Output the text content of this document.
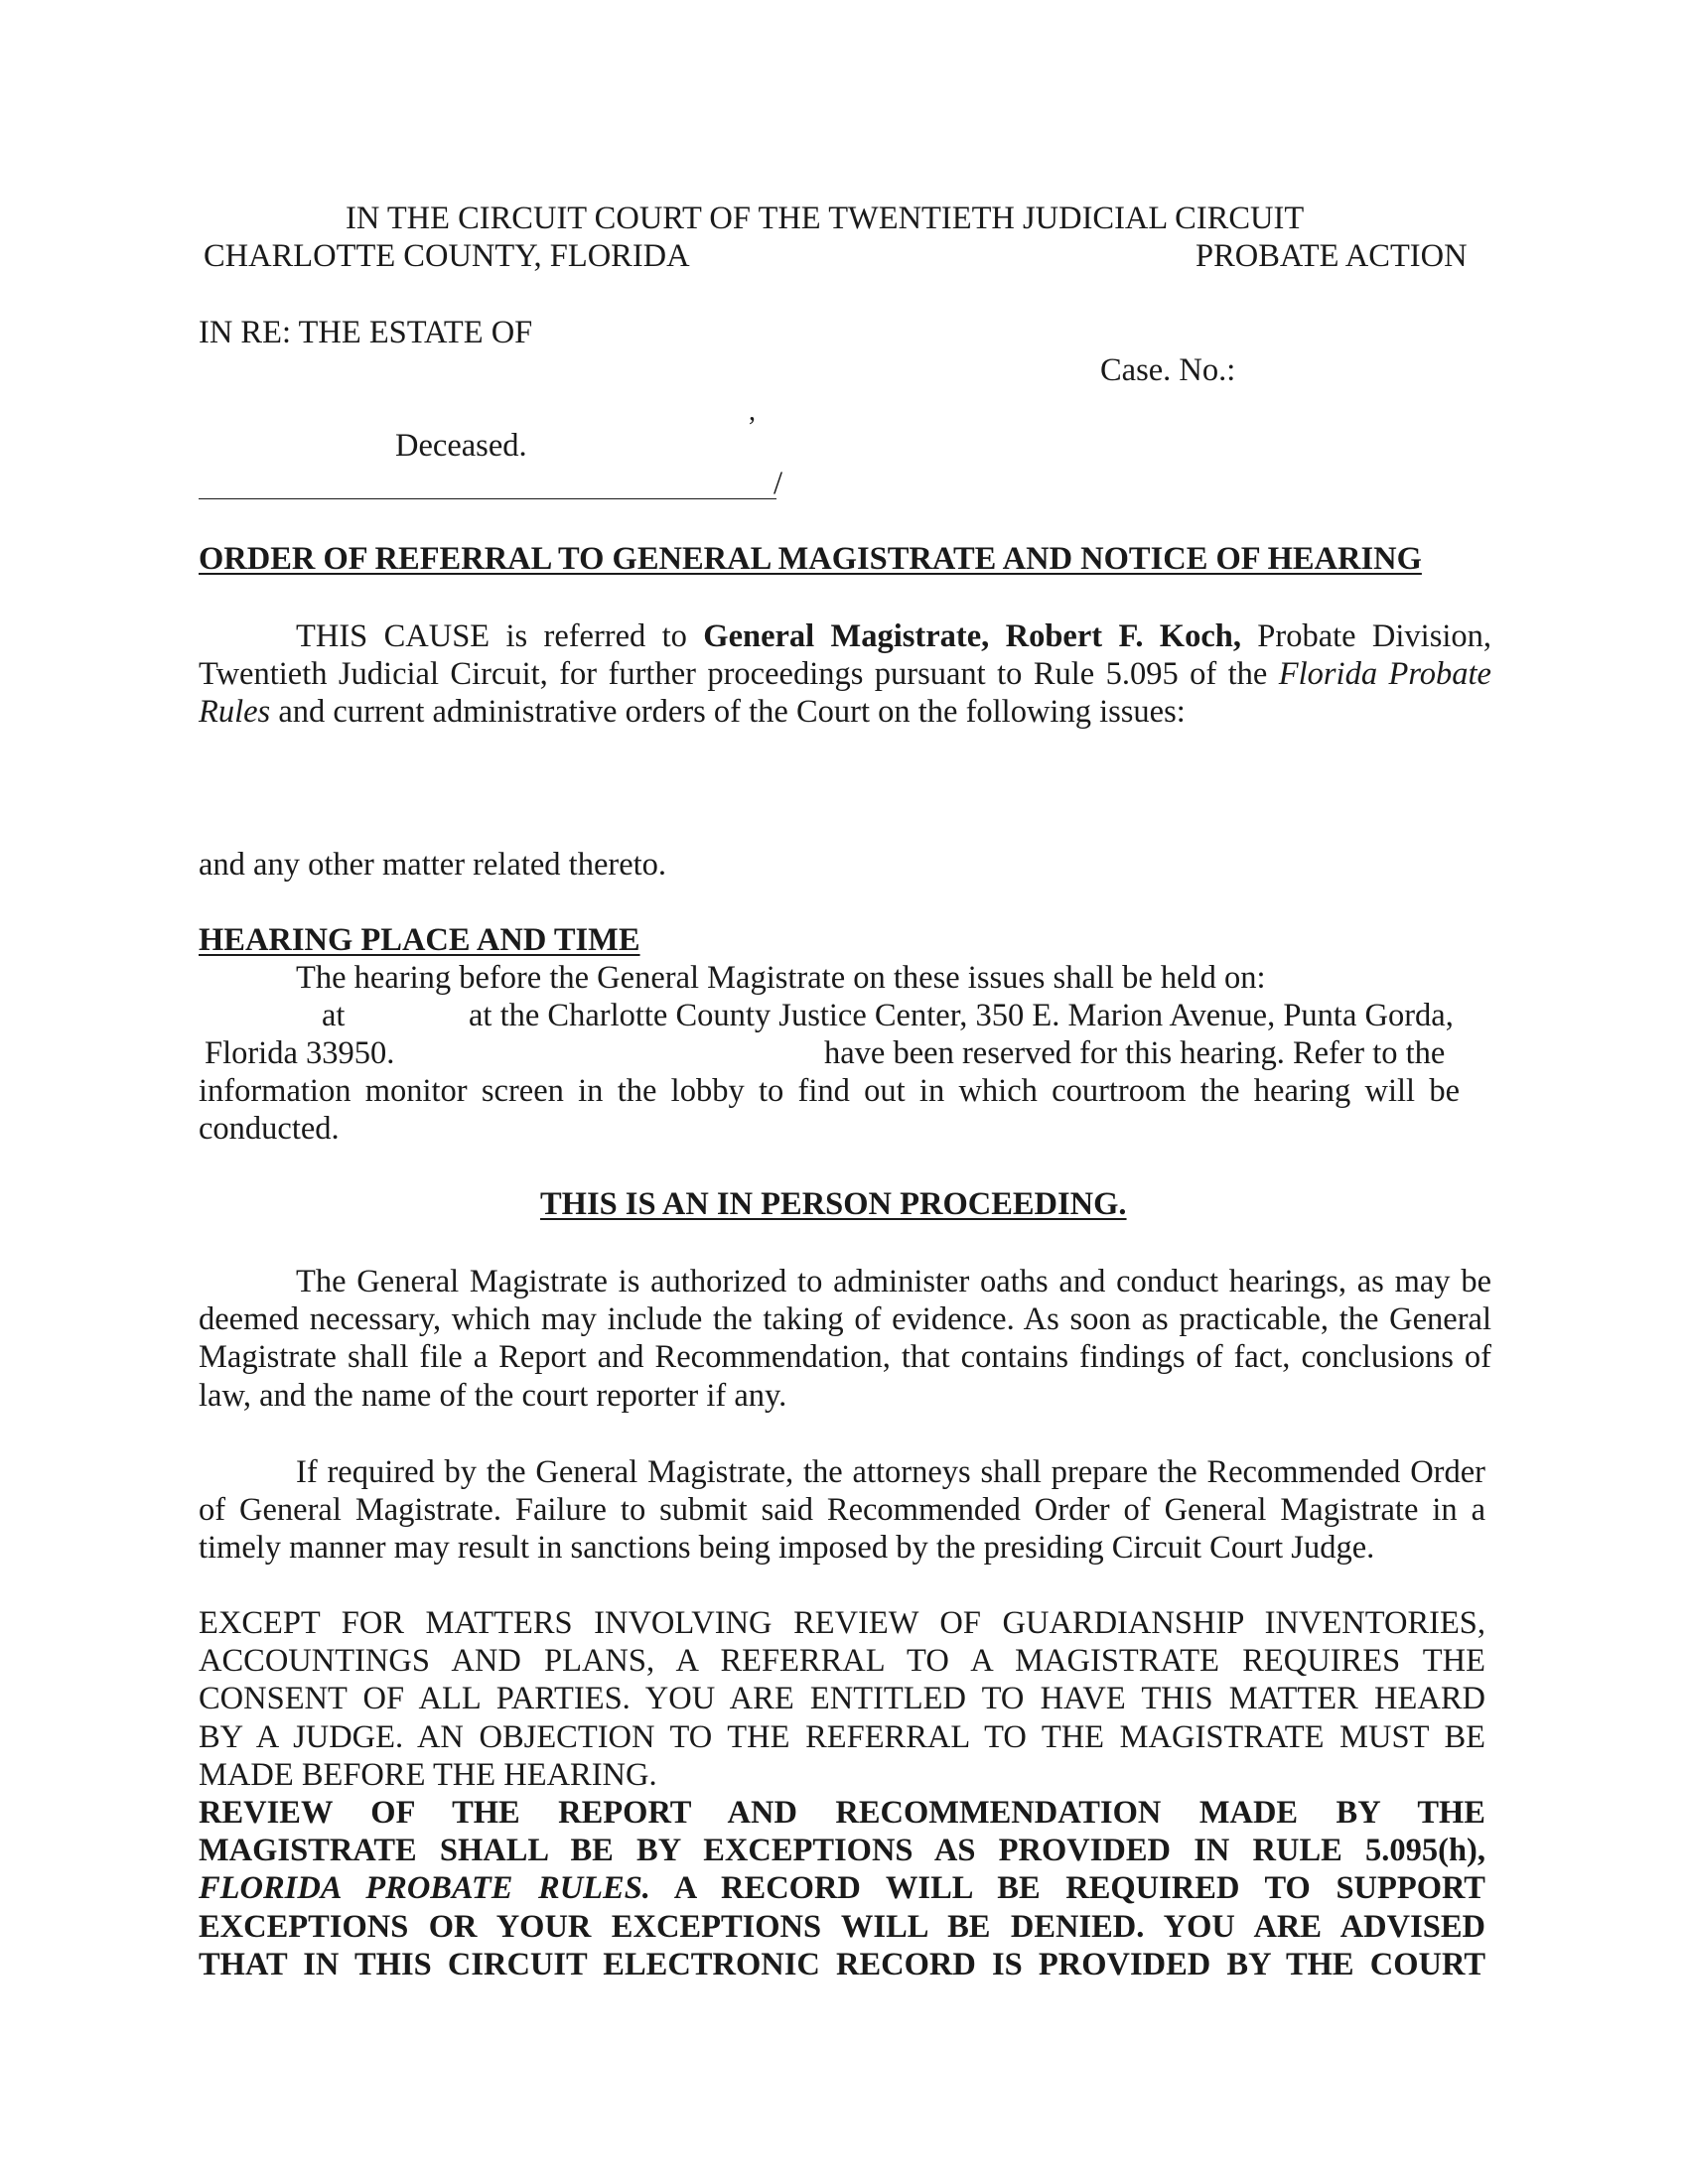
IN THE CIRCUIT COURT OF THE TWENTIETH JUDICIAL CIRCUIT

CHARLOTTE COUNTY, FLORIDA	PROBATE ACTION

IN RE: THE ESTATE OF

Case. No.:

,

Deceased.

/

ORDER OF REFERRAL TO GENERAL MAGISTRATE AND NOTICE OF HEARING

THIS CAUSE is referred to General Magistrate, Robert F. Koch, Probate Division,
Twentieth Judicial Circuit, for further proceedings pursuant to Rule 5.095 of the Florida Probate
Rules and current administrative orders of the Court on the following issues:

and any other matter related thereto.

HEARING PLACE AND TIME

The hearing before the General Magistrate on these issues shall be held on:

at	at the Charlotte County Justice Center, 350 E. Marion Avenue, Punta Gorda,

Florida 33950.	have been reserved for this hearing. Refer to the

information monitor screen in the lobby to find out in which courtroom the hearing will be
conducted.

THIS IS AN IN PERSON PROCEEDING.

The General Magistrate is authorized to administer oaths and conduct hearings, as may be
deemed necessary, which may include the taking of evidence. As soon as practicable, the General
Magistrate shall file a Report and Recommendation, that contains findings of fact, conclusions of
law, and the name of the court reporter if any.
If required by the General Magistrate, the attorneys shall prepare the Recommended Order
of General Magistrate. Failure to submit said Recommended Order of General Magistrate in a
timely manner may result in sanctions being imposed by the presiding Circuit Court Judge.
EXCEPT FOR MATTERS INVOLVING REVIEW OF GUARDIANSHIP INVENTORIES,
ACCOUNTINGS AND PLANS, A REFERRAL TO A MAGISTRATE REQUIRES THE
CONSENT OF ALL PARTIES. YOU ARE ENTITLED TO HAVE THIS MATTER HEARD
BY A JUDGE. AN OBJECTION TO THE REFERRAL TO THE MAGISTRATE MUST BE
MADE BEFORE THE HEARING.
REVIEW OF THE REPORT AND RECOMMENDATION MADE BY THE
MAGISTRATE SHALL BE BY EXCEPTIONS AS PROVIDED IN RULE 5.095(h),
FLORIDA PROBATE RULES. A RECORD WILL BE REQUIRED TO SUPPORT
EXCEPTIONS OR YOUR EXCEPTIONS WILL BE DENIED. YOU ARE ADVISED
THAT IN THIS CIRCUIT ELECTRONIC RECORD IS PROVIDED BY THE COURT
